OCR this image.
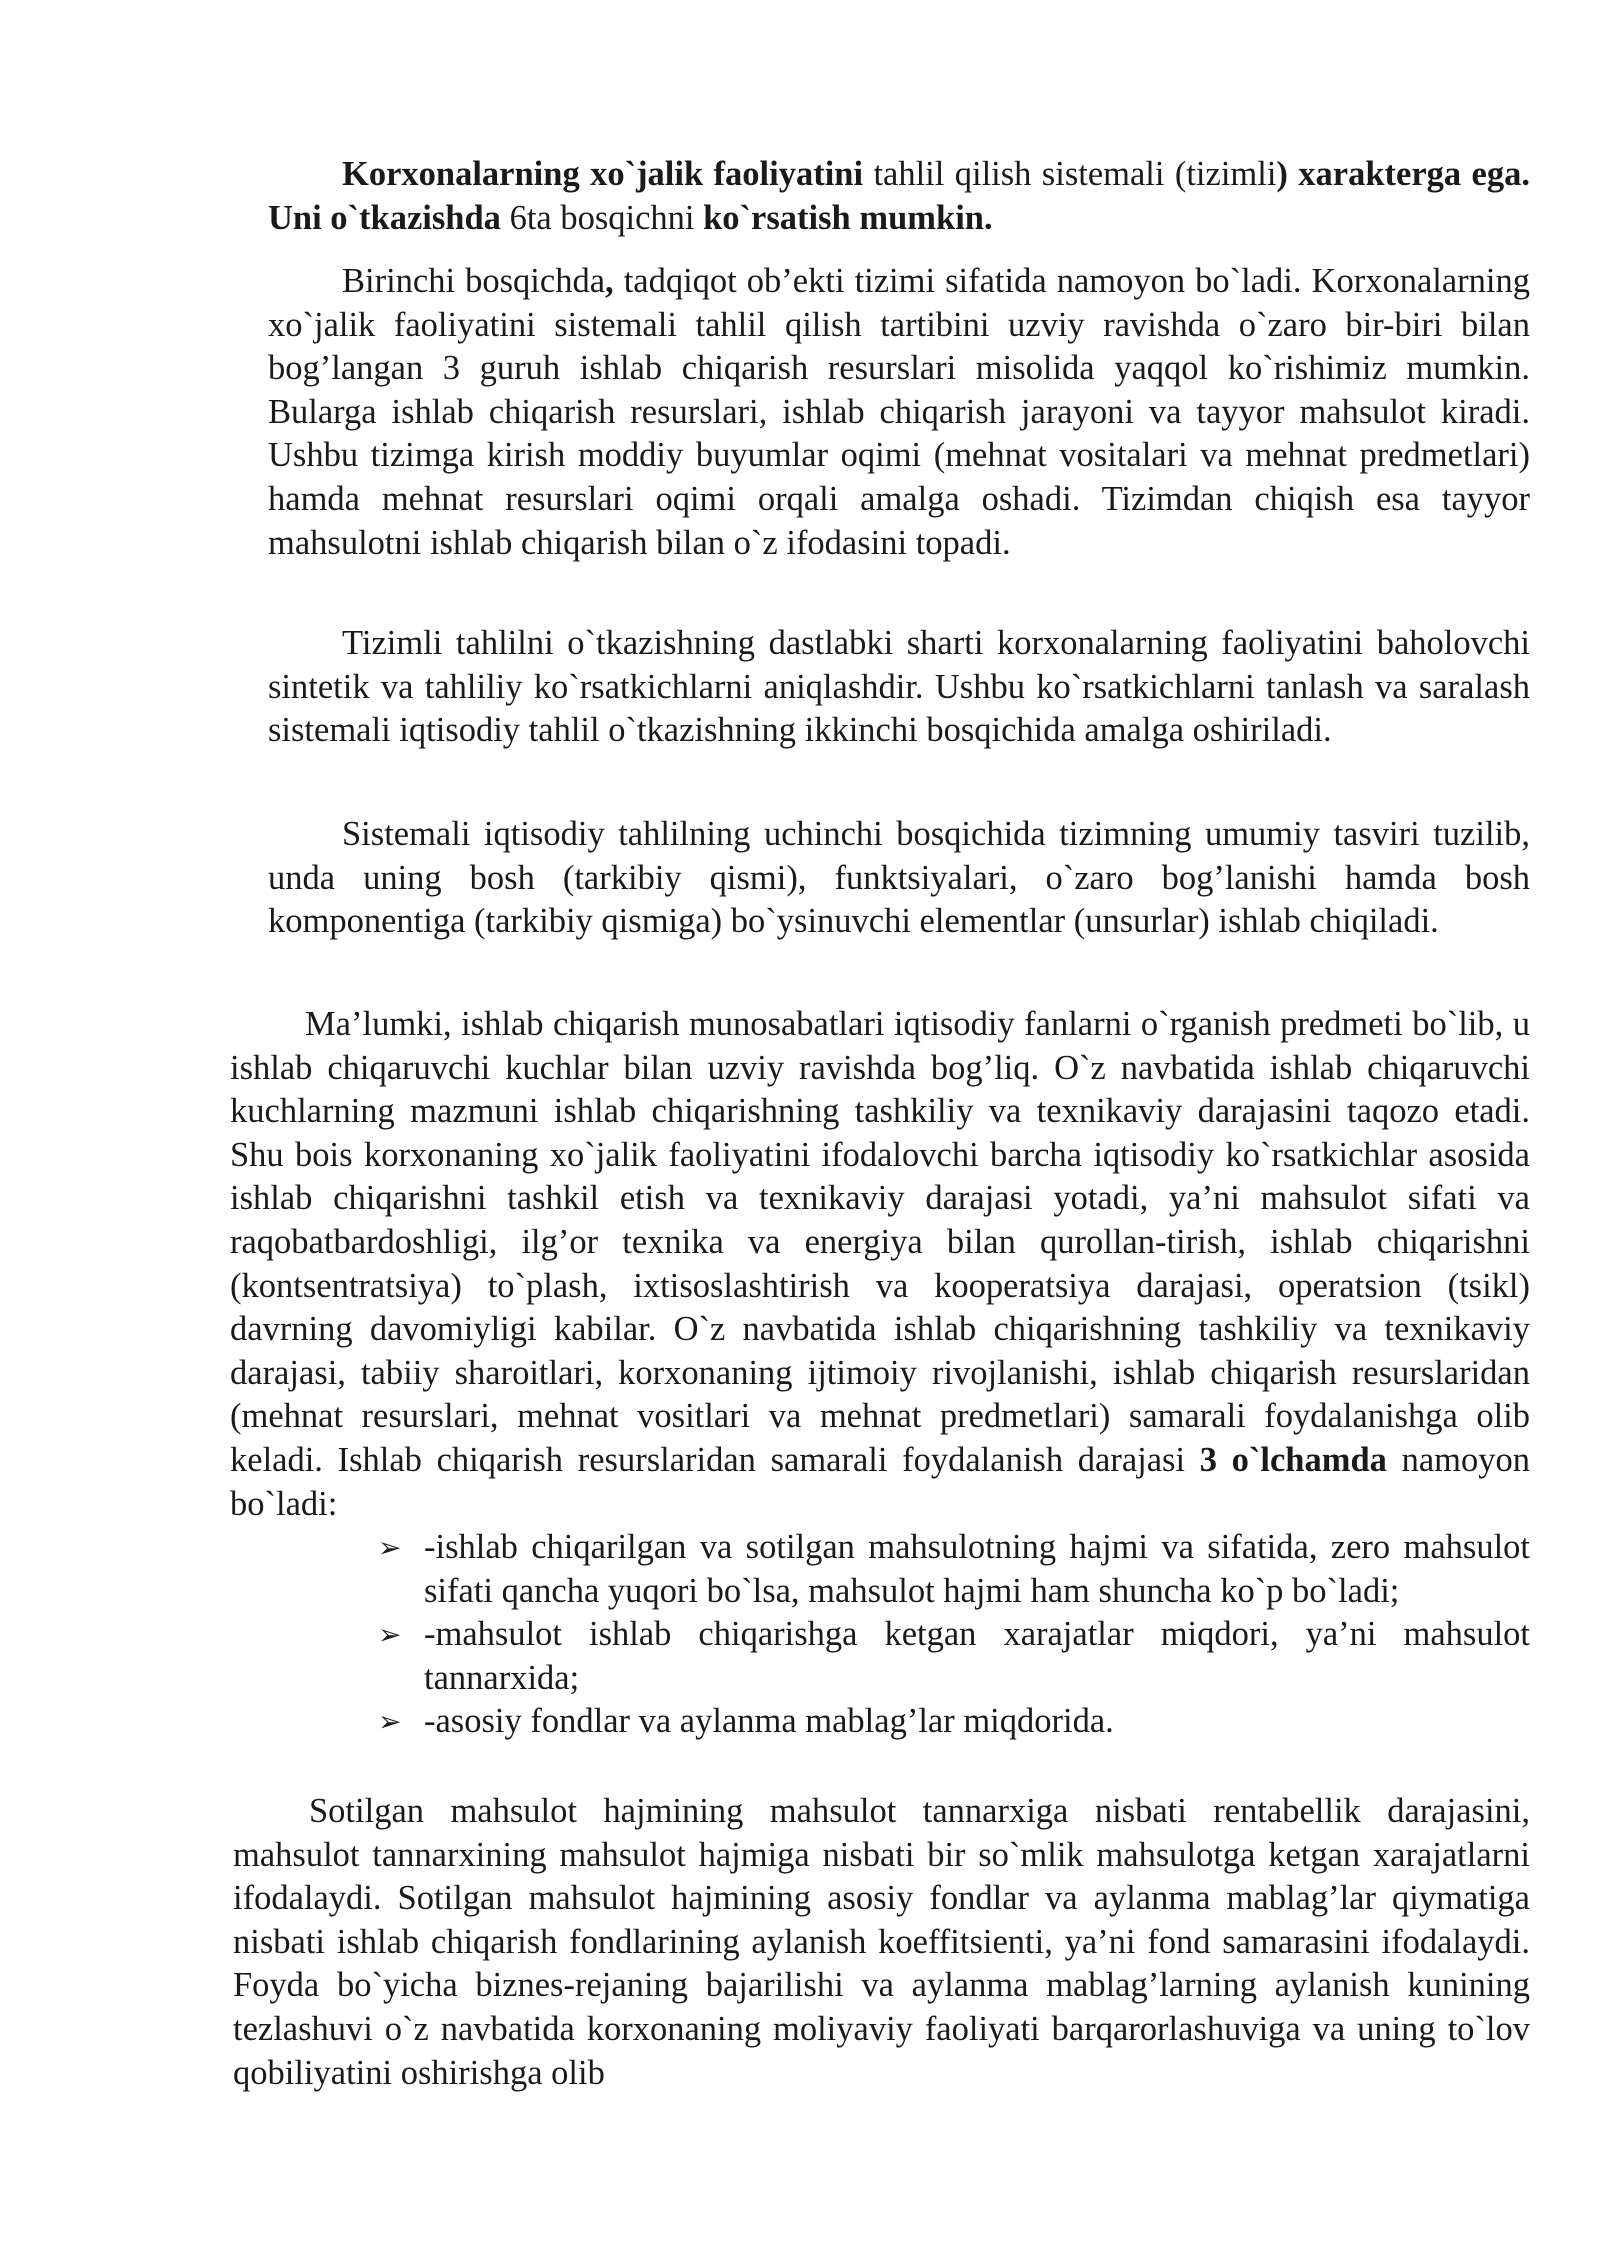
Korxonalarning xo`jalik faoliyatini tahlil qilish sistemali (tizimli) xarakterga ega. Uni o`tkazishda 6ta bosqichni ko`rsatish mumkin.

Birinchi bosqichda, tadqiqot ob’ekti tizimi sifatida namoyon bo`ladi. Korxonalarning xo`jalik faoliyatini sistemali tahlil qilish tartibini uzviy ravishda o`zaro bir-biri bilan bog’langan 3 guruh ishlab chiqarish resurslari misolida yaqqol ko`rishimiz mumkin. Bularga ishlab chiqarish resurslari, ishlab chiqarish jarayoni va tayyor mahsulot kiradi. Ushbu tizimga kirish moddiy buyumlar oqimi (mehnat vositalari va mehnat predmetlari) hamda mehnat resurslari oqimi orqali amalga oshadi. Tizimdan chiqish esa tayyor mahsulotni ishlab chiqarish bilan o`z ifodasini topadi.

Tizimli tahlilni o`tkazishning dastlabki sharti korxonalarning faoliyatini baholovchi sintetik va tahliliy ko`rsatkichlarni aniqlashdir. Ushbu ko`rsatkichlarni tanlash va saralash sistemali iqtisodiy tahlil o`tkazishning ikkinchi bosqichida amalga oshiriladi.

Sistemali iqtisodiy tahlilning uchinchi bosqichida tizimning umumiy tasviri tuzilib, unda uning bosh (tarkibiy qismi), funktsiyalari, o`zaro bog’lanishi hamda bosh komponentiga (tarkibiy qismiga) bo`ysinuvchi elementlar (unsurlar) ishlab chiqiladi.

Ma’lumki, ishlab chiqarish munosabatlari iqtisodiy fanlarni o`rganish predmeti bo`lib, u ishlab chiqaruvchi kuchlar bilan uzviy ravishda bog’liq. O`z navbatida ishlab chiqaruvchi kuchlarning mazmuni ishlab chiqarishning tashkiliy va texnikaviy darajasini taqozo etadi. Shu bois korxonaning xo`jalik faoliyatini ifodalovchi barcha iqtisodiy ko`rsatkichlar asosida ishlab chiqarishni tashkil etish va texnikaviy darajasi yotadi, ya’ni mahsulot sifati va raqobatbardoshligi, ilg’or texnika va energiya bilan qurollan-tirish, ishlab chiqarishni (kontsentratsiya) to`plash, ixtisoslashtirish va kooperatsiya darajasi, operatsion (tsikl) davrning davomiyligi kabilar. O`z navbatida ishlab chiqarishning tashkiliy va texnikaviy darajasi, tabiiy sharoitlari, korxonaning ijtimoiy rivojlanishi, ishlab chiqarish resurslaridan (mehnat resurslari, mehnat vositlari va mehnat predmetlari) samarali foydalanishga olib keladi. Ishlab chiqarish resurslaridan samarali foydalanish darajasi 3 o`lchamda namoyon bo`ladi:

➢ -ishlab chiqarilgan va sotilgan mahsulotning hajmi va sifatida, zero mahsulot sifati qancha yuqori bo`lsa, mahsulot hajmi ham shuncha ko`p bo`ladi;
➢ -mahsulot ishlab chiqarishga ketgan xarajatlar miqdori, ya’ni mahsulot tannarxida;
➢ -asosiy fondlar va aylanma mablag’lar miqdorida.

Sotilgan mahsulot hajmining mahsulot tannarxiga nisbati rentabellik darajasini, mahsulot tannarxining mahsulot hajmiga nisbati bir so`mlik mahsulotga ketgan xarajatlarni ifodalaydi. Sotilgan mahsulot hajmining asosiy fondlar va aylanma mablag’lar qiymatiga nisbati ishlab chiqarish fondlarining aylanish koeffitsienti, ya’ni fond samarasini ifodalaydi. Foyda bo`yicha biznes-rejaning bajarilishi va aylanma mablag’larning aylanish kunining tezlashuvi o`z navbatida korxonaning moliyaviy faoliyati barqarorlashuviga va uning to`lov qobiliyatini oshirishga olib
